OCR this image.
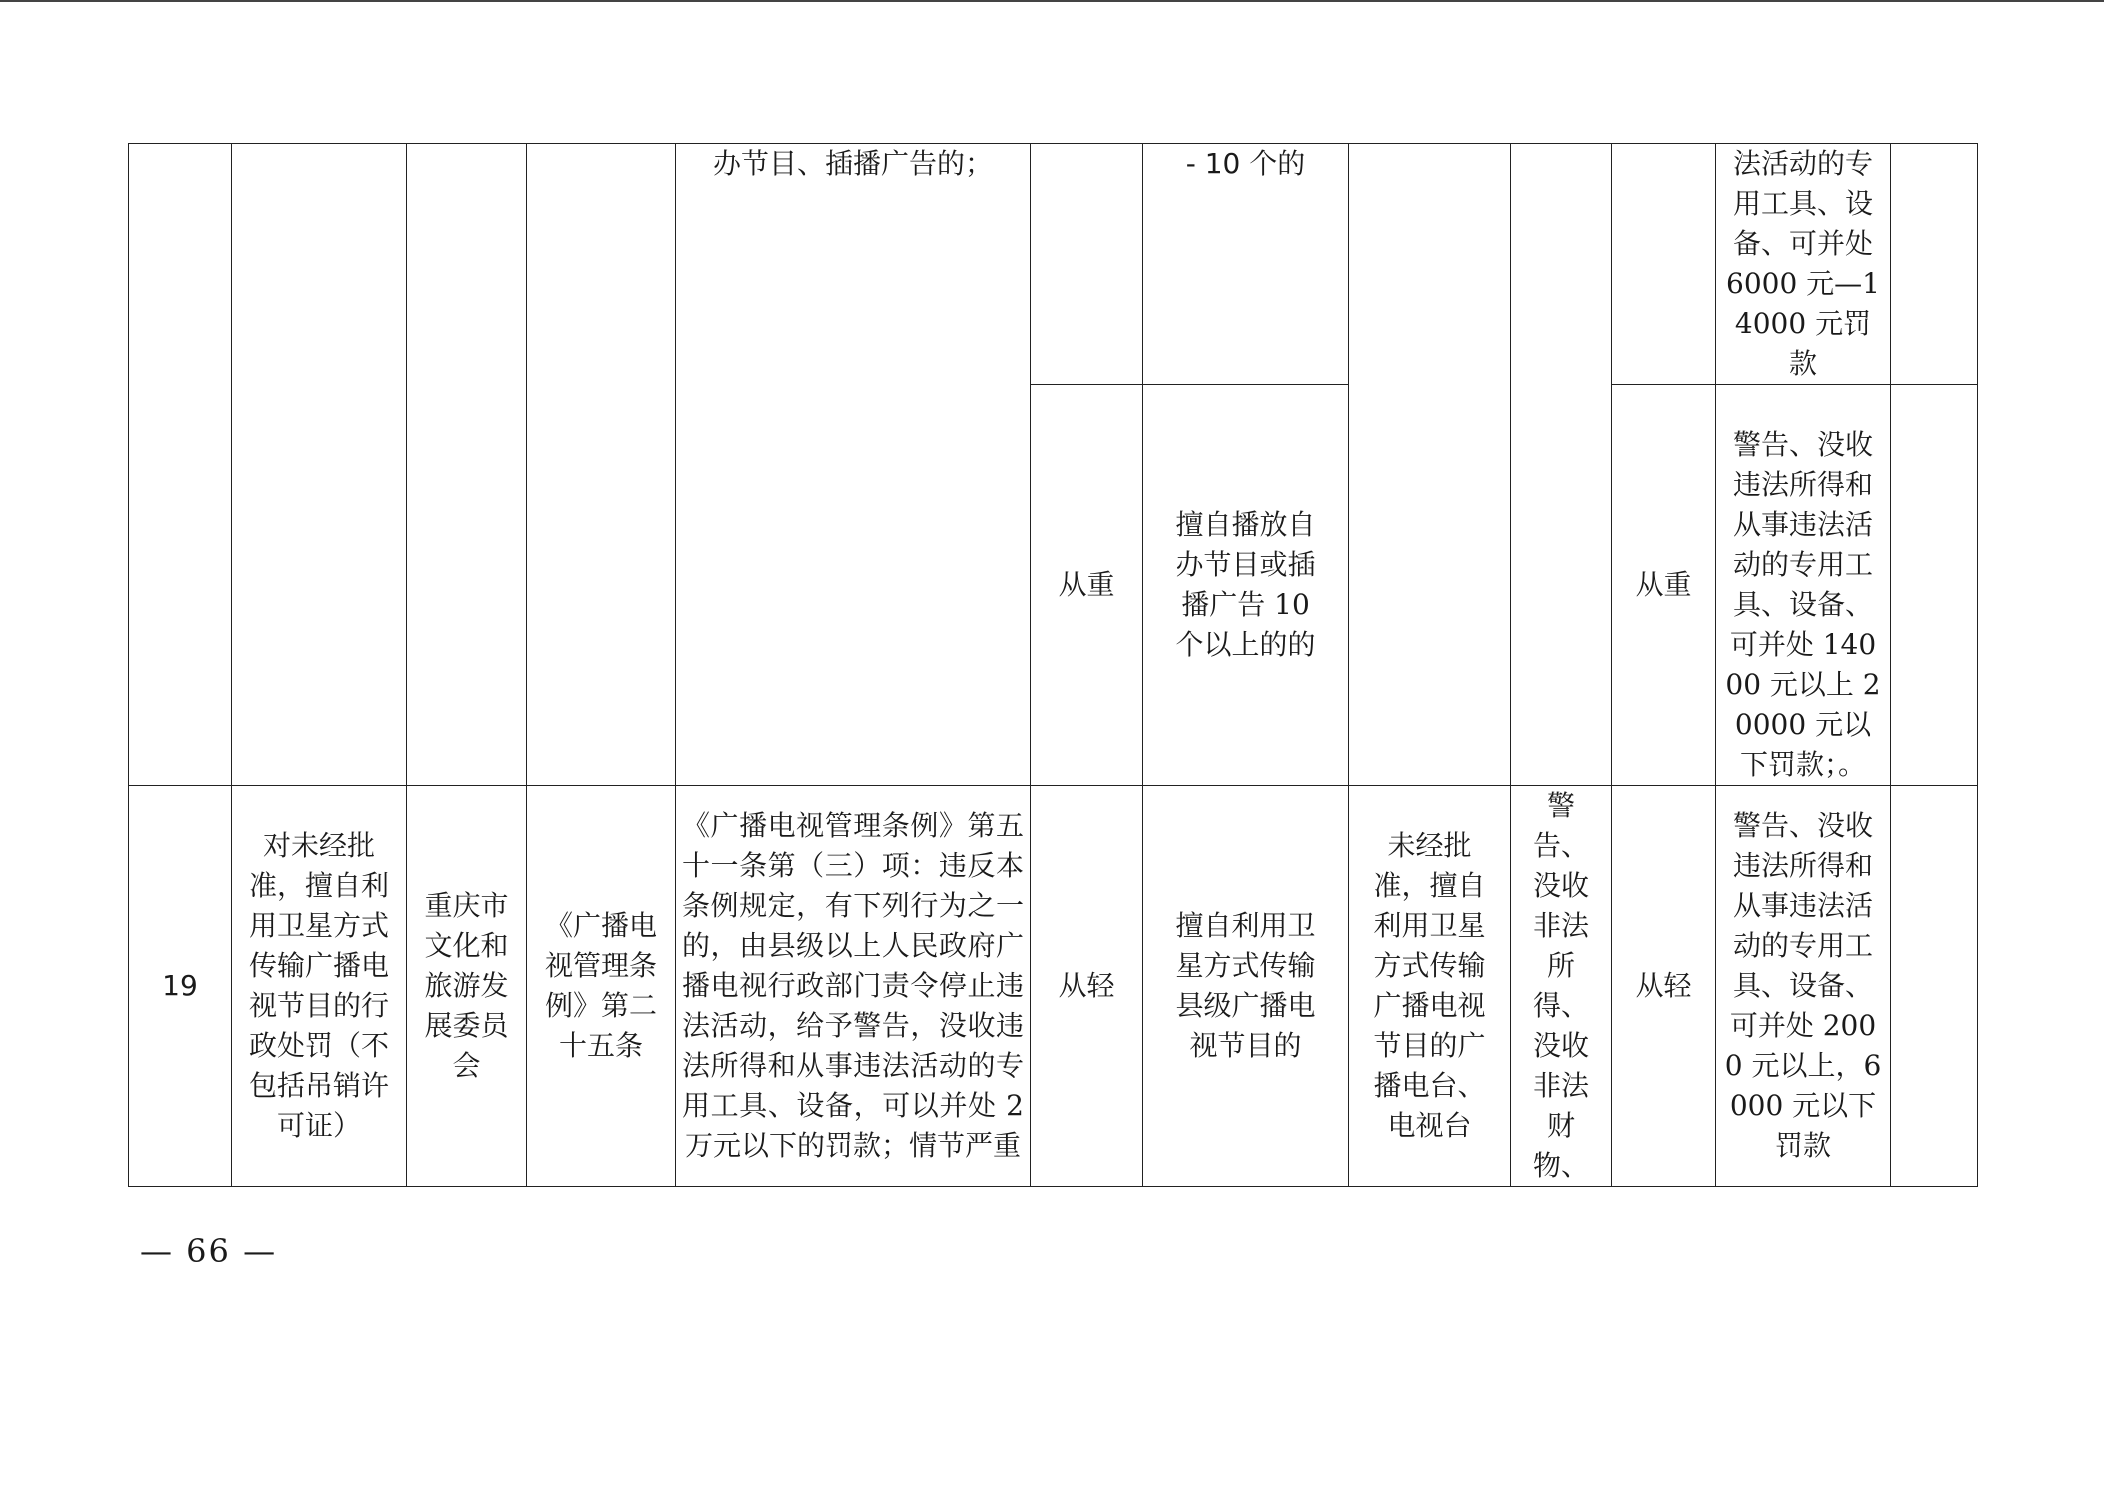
				办节目、插播广告的；		- 10 个的				法活动的专用工具、设备、可并处 6000 元—14000 元罚款	
					从重	擅自播放自办节目或插播广告 10 个以上的的			从重	警告、没收违法所得和从事违法活动的专用工具、设备、可并处 14000 元以上 2 0000 元以下罚款；。	
19	对未经批准，擅自利用卫星方式传输广播电视节目的行政处罚（不包括吊销许可证）	重庆市文化和旅游发展委员会	《广播电视管理条例》第二十五条	《广播电视管理条例》第五十一条第（三）项：违反本条例规定，有下列行为之一的，由县级以上人民政府广播电视行政部门责令停止违法活动，给予警告，没收违法所得和从事违法活动的专用工具、设备，可以并处 2 万元以下的罚款；情节严重	从轻	擅自利用卫星方式传输县级广播电视节目的	未经批准，擅自利用卫星方式传输广播电视节目的广播电台、电视台	警告、没收非法所得、没收非法财物、	从轻	警告、没收违法所得和从事违法活动的专用工具、设备、可并处 2000 元以上，6000 元以下罚款	
— 66 —
